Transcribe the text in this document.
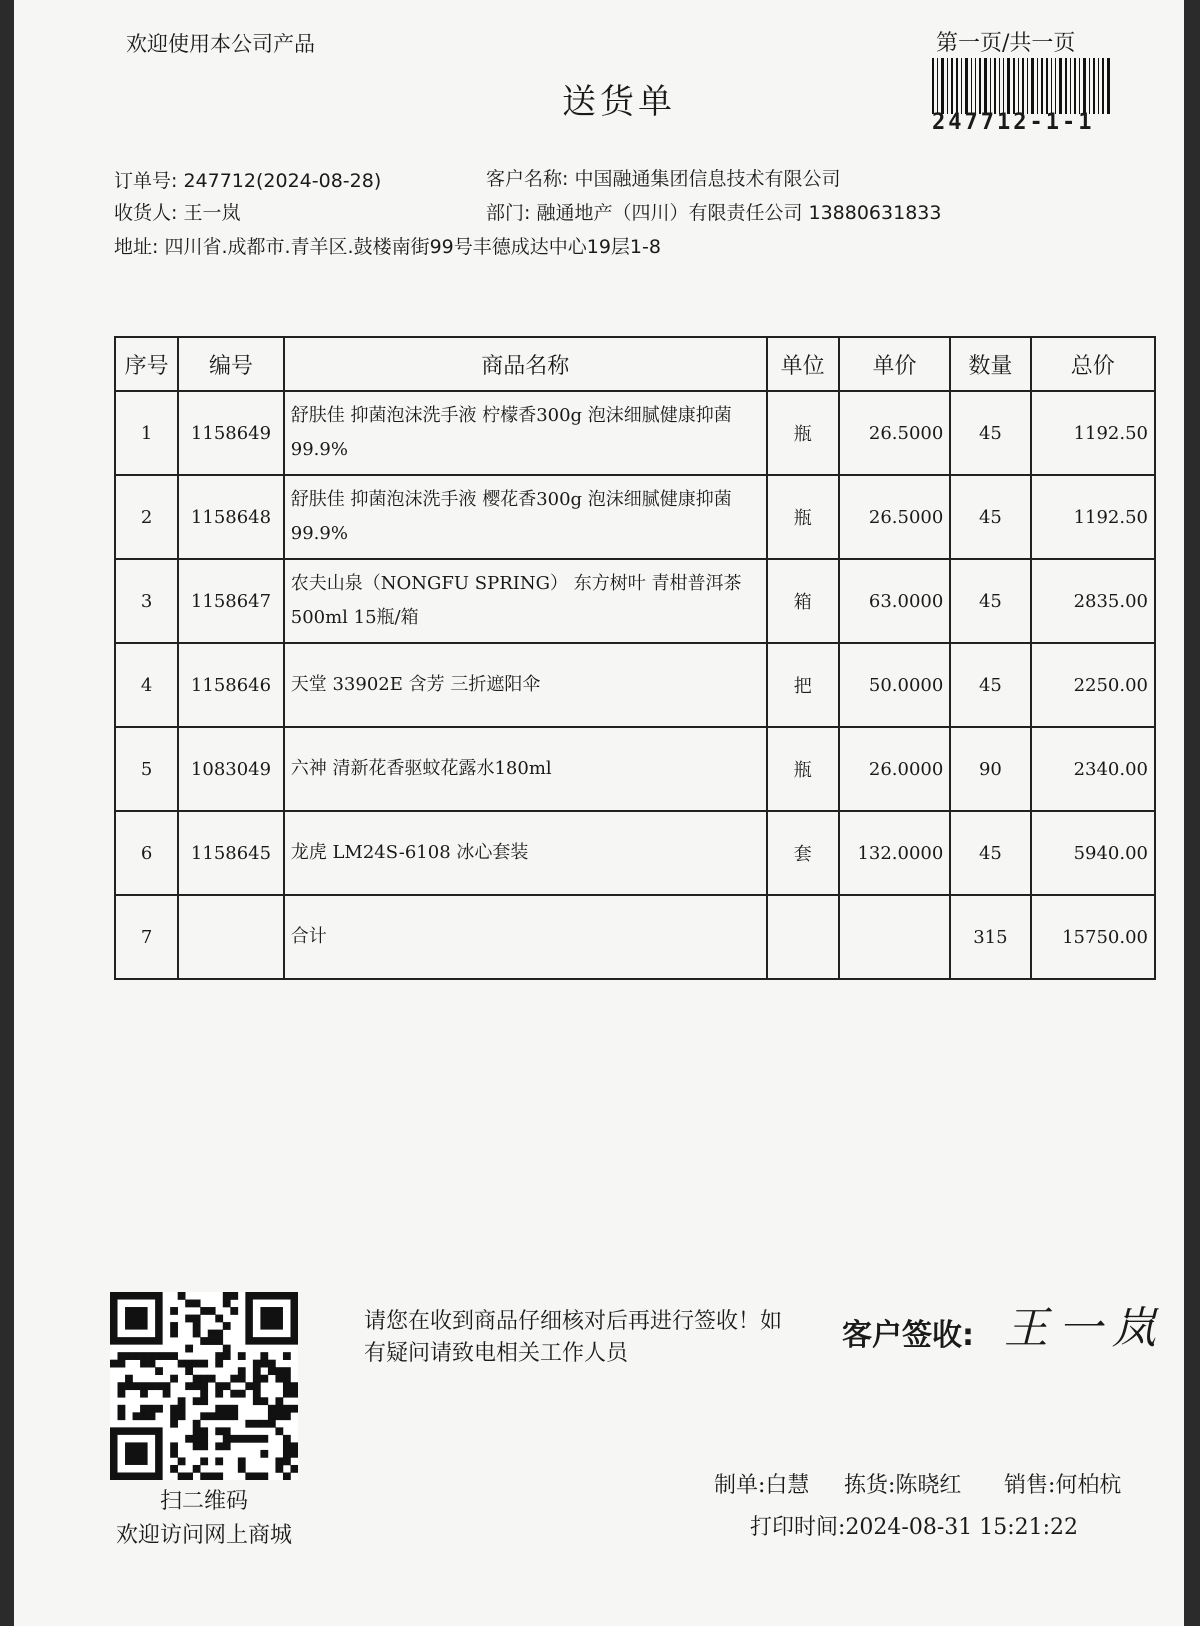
欢迎使用本公司产品
送货单
第一页/共一页
247712-1-1
订单号: 247712(2024-08-28)
收货人: 王一岚
地址: 四川省.成都市.青羊区.鼓楼南街99号丰德成达中心19层1-8
客户名称: 中国融通集团信息技术有限公司
部门: 融通地产（四川）有限责任公司 13880631833
序号	编号	商品名称	单位	单价	数量	总价
1	1158649	舒肤佳 抑菌泡沫洗手液 柠檬香300g 泡沫细腻健康抑菌99.9%	瓶	26.5000	45	1192.50
2	1158648	舒肤佳 抑菌泡沫洗手液 樱花香300g 泡沫细腻健康抑菌99.9%	瓶	26.5000	45	1192.50
3	1158647	农夫山泉（NONGFU SPRING） 东方树叶 青柑普洱茶 500ml 15瓶/箱	箱	63.0000	45	2835.00
4	1158646	天堂 33902E 含芳 三折遮阳伞	把	50.0000	45	2250.00
5	1083049	六神 清新花香驱蚊花露水180ml	瓶	26.0000	90	2340.00
6	1158645	龙虎 LM24S-6108 冰心套装	套	132.0000	45	5940.00
7		合计			315	15750.00
扫二维码
欢迎访问网上商城
请您在收到商品仔细核对后再进行签收！如有疑问请致电相关工作人员
客户签收: 王一岚
制单:白慧 拣货:陈晓红 销售:何柏杭
打印时间:2024-08-31 15:21:22
